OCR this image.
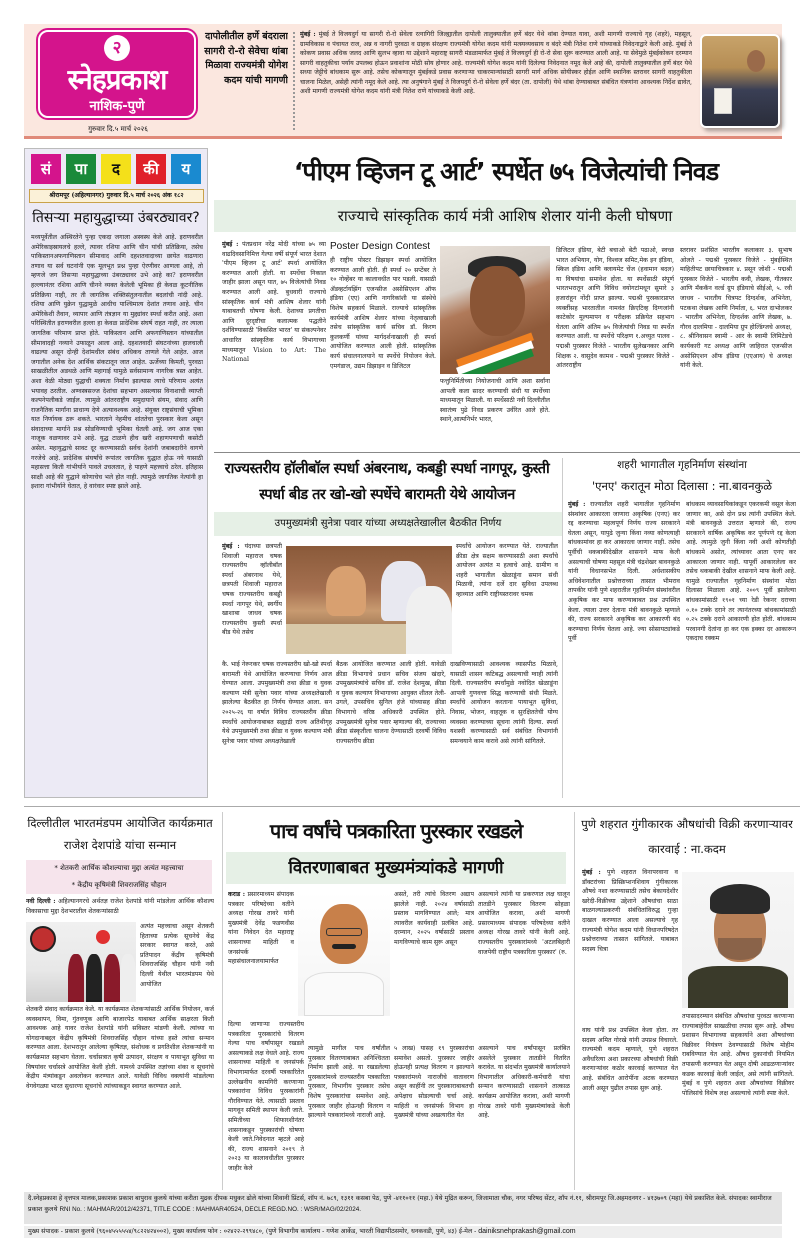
२
स्नेहप्रकाश
नाशिक-पुणे
गुरुवार दि.५ मार्च २०२६
दापोलीतील हर्णे बंदराला सागरी रो-रो सेवेचा थांबा मिळावा राज्यमंत्री योगेश कदम यांची मागणी
मुंबई : मुंबई ते विजयदुर्ग या सागरी रो-रो सेवेला रत्नागिरी जिल्ह्यातील दापोली तालुक्यातील हर्णे बंदर येथे थांबा देण्यात यावा, अशी मागणी राज्याचे गृह (शहरे), महसूल, ग्रामविकास व पंचायत राज, अन्न व नागरी पुरवठा व ग्राहक संरक्षण राज्यमंत्री योगेश कदम यांनी मत्स्यव्यवसाय व बंदरे मंत्री नितेश राणे यांच्याकडे निवेदनाद्वारे केली आहे. मुंबई ते कोकण प्रवास अधिक जलद आणि सुलभ व्हावा या उद्देशाने महाराष्ट्र सागरी मंडळामार्फत मुंबई ते विजयदुर्ग ही रो-रो सेवा सुरू करण्यात आली आहे. या सेवेमुळे मुंबईकोकन दरम्यान सागरी वाहतुकीचा पर्याय उपलब्ध होऊन प्रवाशांना मोठी सोय होणार आहे. राज्यमंत्री योगेश कदम यांनी दिलेल्या निवेदनात नमूद केले आहे की, दापोली तालुक्यातील हर्णे बंदर येथे सध्या जेट्टीचे बांधकाम सुरू आहे. तसेच कोकणातून मुंबईकडे प्रवास करणाऱ्या चाकरमान्यांसाठी सागरी मार्ग अधिक सोयीस्कर होईल आणि स्थानिक स्तरावर सागरी वाहतुकीला चालना मिळेल, असेही त्यांनी नमूद केले आहे. त्या अनुषंगाने मुंबई ते विजयदुर्ग रो-रो सेवेला हर्णे बंदर (ता. दापोली) येथे थांबा देण्याबाबत संबंधित यंत्रणांना आवश्यक निर्देश द्यावेत, अशी मागणी राज्यमंत्री योगेश कदम यांनी मंत्री नितेश राणे यांच्याकडे केली आहे.
सं	पा	द	की	य
श्रीरामपूर (अहिल्यानगर) गुरुवार दि.५ मार्च २०२६ अंक १८२
तिसऱ्या महायुद्धाच्या उंबरठ्यावर?
मध्यपूर्वेतील अस्थिरतेने पुन्हा एकदा जगाला अस्वस्थ केले आहे. इराणवरील अमेरिकाइस्रायलचे हल्ले, त्यावर रशिया आणि चीन यांची प्रतिक्रिया, तसेच पाकिस्तानअफगाणिस्तान सीमावाद आणि दहशतवादाच्या छायेत वाढणारा तणाव या सर्व घटनांनी एक मूलभूत प्रश्न पुन्हा ऐरणीवर आणला आहे, तो म्हणजे जग तिसऱ्या महायुद्धाच्या उंबरठ्यावर उभे आहे का? इराणवरील हल्ल्यानंतर रशिया आणि चीनने व्यक्त केलेली भूमिका ही केवळ कूटनीतिक प्रतिक्रिया नाही, तर ती जागतिक शक्तिसंतुलनातील बदलांची नांदी आहे. रशिया आणि युक्रेन युद्धामुळे आधीच पाश्चिमात्य देशांत तणाव आहे. चीन अमेरिकेशी तैवान, व्यापार आणि तंत्रज्ञान या मुद्द्यांवर स्पर्धा करीत आहे. अशा परिस्थितीत इराणवरील हल्ला हा केवळ प्रादेशिक संघर्ष राहत नाही, तर त्याला जागतिक परिमाण प्राप्त होते. पाकिस्तान आणि अफगाणिस्तान यांच्यातील सीमावादही नव्याने उफाळून आला आहे. दहशतवादी संघटनांच्या हालचाली वाढल्या असून दोन्ही देशांमधील संबंध अधिकच ताणले गेले आहेत. आज जगातील अनेक देश आर्थिक संकटातून जात आहेत. ऊर्जेच्या किमती, पुरवठा साखळीतील अडथळे आणि महागाई यामुळे सर्वसामान्य नागरिक त्रस्त आहेत. अशा वेळी मोठ्या युद्धाची शक्यता निर्माण झाल्यास त्याचे परिणाम अत्यंत भयावह ठरतील. अण्वस्त्रसज्ज देशांचा सहभाग असल्यास विनाशाची व्याप्ती कल्पनेपलीकडे जाईल. त्यामुळे आंतरराष्ट्रीय समुदायाने संयम, संवाद आणि राजनैतिक मार्गांना प्राधान्य देणे अत्यावश्यक आहे. संयुक्त राष्ट्रसंघाची भूमिका यात निर्णायक ठरू शकते. भारताने नेहमीच शांततेचा पुरस्कार केला असून संवादाच्या मार्गाने प्रश्न सोडविण्याची भूमिका घेतली आहे. जग आज एका नाजूक वळणावर उभे आहे. युद्ध टाळणे हीच खरी शहाणपणाची कसोटी असेल. महायुद्धाचे सावट दूर करण्यासाठी सर्वच देशांनी जबाबदारीने वागणे गरजेचे आहे. प्रादेशिक संघर्षांचे रूपांतर जागतिक युद्धात होऊ नये यासाठी महासत्ता किती गांभीर्याने पावले उचलतात, हे पाहणे महत्त्वाचे ठरेल. इतिहास साक्षी आहे की युद्धाने कोणाचेच भले होत नाही. त्यामुळे जागतिक नेत्यांनी हा इशारा गांभीर्याने घेतात, हे वारंवार स्पष्ट झाले आहे.
‘पीएम व्हिजन टू आर्ट’ स्पर्धेत ७५ विजेत्यांची निवड
राज्याचे सांस्कृतिक कार्य मंत्री आशिष शेलार यांनी केली घोषणा
मुंबई : पंतप्रधान नरेंद्र मोदी यांच्या ७५ व्या वाढदिवसानिमित्त गेल्या वर्षी संपूर्ण भारत देशात 'पीएम व्हिजन टू आर्ट' स्पर्धा आयोजित करण्यात आली होती. या स्पर्धेचा निकाल जाहीर झाला असून यात, ७५ विजेत्यांची निवड करण्यात आली आहे. बुधवारी राज्याचे सांस्कृतिक कार्य मंत्री आशिष शेलार यांनी याबाबतची घोषणा केली. देशाच्या प्रगतीचा आणि दूरदृष्टीचा कलात्मक पद्धतीने दर्शविण्यासाठी 'विकसित भारत' या संकल्पनेवर आधारित सांस्कृतिक कार्य विभागाच्या माध्यमातून Vision to Art: The National
Poster Design Contest
ही राष्ट्रीय पोस्टर डिझाइन स्पर्धा आयोजित करण्यात आली होती. ही स्पर्धा २० सप्टेंबर ते १० नोव्हेंबर या कालावधीत पार पडली. यासाठी ॲडव्हर्टायझिंग एजन्सीज असोसिएशन ऑफ इंडिया (एए) आणि नागरिकांशी या संस्थेचे विशेष सहकार्य मिळाले. राज्याचे सांस्कृतिक कार्यमंत्री आशिष शेलार यांच्या नेतृत्वाखाली तसेच सांस्कृतिक कार्य सचिव डॉ. किरण कुलकर्णी यांच्या मार्गदर्शनाखाली ही स्पर्धा आयोजित करण्यात आली होती. सांस्कृतिक कार्य संचालनालयाने या स्पर्धेचे नियोजन केले. एमगंडाज, उद्यम डिझाइन व डिजिटल
फत्तुनिर्मितीच्या नियोजनाची आणि अशा सर्वांना आपली कला सादर करण्याची संधी या स्पर्धेच्या माध्यमातून मिळाली. या स्पर्धेसाठी नवी दिल्लीतील स्वातंत्र्य पुढे निवड प्रकरण उर्वरित आले होते. स्थाने,आत्मनिर्भर भारत,
डिजिटल इंडिया, बेटी बचाओ बेटी पढाओ, स्वच्छ भारत अभियान, योग, विश्वज समिट,मेक इन इंडिया, स्किल इंडिया आणि क्लायमेट चेंज (हवामान बदल) या विषयांचा समावेश होता. या स्पर्धेसाठी संपूर्ण भारतभरातून आणि विविध वयोगटांमधून सुमारे ३ हजारांहून नोंदी प्राप्त झाल्या. पद्मश्री पुरस्कारप्राप्त व्यक्तींसह भारतातील नामवंत क्रिएटिव्ह दिग्गजांनी काटेकोर मूल्यमापन व परीक्षक प्रक्रियेत सहभाग घेतला आणि अंतिम ७५ विजेत्यांची निवड या स्पर्धेत करण्यात आली. या स्पर्धेचे परिक्षण १.अच्युत पालव - पद्मश्री पुरस्कार विजेते - भारतीय सुलेखनकार आणि शिक्षक २. वासुदेव कामथ - पद्मश्री पुरस्कार विजेते - आंतरराष्ट्रीय
स्तरावर प्रशंसित भारतीय कलाकार ३. सुभाष ओलते - पद्मश्री पुरस्कार विजेते - मुंबईस्थित माहितीपट छायाचित्रकार ४. प्रसून जोशी - पद्मश्री पुरस्कार विजेते - भारतीय कवी, लेखक, गीतकार आणि मॅककॅन वर्ल्ड ग्रुप इंडियाचे सीईओ, ५. रवी जाधव - भारतीय चित्रपट दिग्दर्शक, अभिनेता, पटकथा लेखक आणि निर्माता, ६. भरत दाभोलकर - भारतीय अभिनेता, दिग्दर्शक आणि लेखक, ७. गौरव दालमिया - दालमिया ग्रुप होल्डिंग्जचे अध्यक्ष, ८. श्रीनिवासन स्वामी - आर के स्वामी लिमिटेडचे कार्यकारी गट अध्यक्ष आणि जाहिरात एजन्सीज असोसिएशन ऑफ इंडिया (एएआय) चे अध्यक्ष यांनी केले.
राज्यस्तरीय हॉलीबॉल स्पर्धा अंबरनाथ, कबड्डी स्पर्धा नागपूर, कुस्ती स्पर्धा बीड तर खो-खो स्पर्धेचे बारामती येथे आयोजन
उपमुख्यमंत्री सुनेत्रा पवार यांच्या अध्यक्षतेखालील बैठकीत निर्णय
मुंबई : यंदाच्या छत्रपती शिवाजी महाराज चषक राज्यस्तरीय व्हॉलीबॉल स्पर्धा अंबरनाथ येथे, छत्रपती शिवाजी महाराज चषक राज्यस्तरीय कबड्डी स्पर्धा नागपूर येथे, स्वर्गीय खाशाबा जाधव चषक राज्यस्तरीय कुस्ती स्पर्धा बीड येथे तसेच
स्पर्धांचे आयोजन करण्यात येते. राज्यातील क्रीडा क्षेत्र सक्षम करण्यासाठी अशा स्पर्धांचे आयोजन अत्यंत म हत्वाचे आहे. ग्रामीण व शहरी भागातील खेळाडूंना समान संधी मिळावी, त्यांना दर्जे दार सुविधा उपलब्ध व्हाव्यात आणि राष्ट्रीयस्तरावर चमक
कै. भाई नेरूरकर चषक राज्यस्तरीय खो-खो स्पर्धा बारामती येथे आयोजित करण्याचा निर्णय आज घेण्यात आला. उपमुख्यमंत्री तथा क्रीडा व युवक कल्याण मंत्री सुनेत्रा पवार यांच्या अध्यक्षतेखाली झालेल्या बैठकीत हा निर्णय घेण्यात आला. सन २०२५-२६ या वर्षात विविध राज्यस्तरीय क्रीडा स्पर्धांचे आयोजनाबाबत सह्याद्री राज्य अतिथीगृह येथे उपमुख्यमंत्री तथा क्रीडा व युवक कल्याण मंत्री सुनेत्रा पवार यांच्या अध्यक्षतेखाली
बैठक आयोजित करण्यात आली होती. यावेळी क्रीडा विभागाचे प्रधान सचिव संजय खंदारे, उपमुख्यमंत्र्यांचे सचिव डॉ. राजेश देशमुख, क्रीडा व युवक कल्याण विभागाच्या आयुक्त शीतल तेली-उगले, उपसचिव सुनिल हंजे यांच्यासह क्रीडा विभागाचे वरिष्ठ अधिकारी उपस्थित होते. उपमुख्यमंत्री सुनेत्रा पवार म्हणाल्या की, राज्याच्या क्रीडा संस्कृतीला चालना देण्यासाठी दरवर्षी विविध राज्यस्तरीय क्रीडा
दाखविण्यासाठी आवश्यक व्यासपीठ मिळावे, यासाठी शासन कटिबद्ध असल्याची ग्वाही त्यांनी दिली. राज्यस्तरीय स्पर्धांमुळे नवोदित खेळाडूंना आपली गुणवत्ता सिद्ध करण्याची संधी मिळते. स्पर्धांचे आयोजन करताना पायाभूत सुविधा, निवास, भोजन, वाहतूक व सुरक्षिततेची योग्य व्यवस्था करण्याच्या सूचना त्यांनी दिल्या. स्पर्धा यशस्वी करण्यासाठी सर्व संबंधित विभागांनी समन्वयाने काम करावे असे त्यांनी सांगितले.
शहरी भागातील गृहनिर्माण संस्थांना
'एनए' करातून मोठा दिलासा : ना.बावनकुळे
मुंबई : राज्यातील शहरी भागातील गृहनिर्माण संस्थांवर आकारला जाणारा अकृषिक (एनए) कर रद्द करण्याचा महत्वपूर्ण निर्णय राज्य सरकारने घेतला असून, यापुढे जुन्या किंवा नव्या कोणत्याही बांधकामांवर हा कर आकारला जाणार नाही. तसेच पूर्वीची थकबाकीदेखील शासनाने माफ केली असल्याची घोषणा महसूल मंत्री चंद्रशेखर बावनकुळे यांनी विधानसभेत दिली. अर्धशासकीय अधिवेशनातील प्रश्नोत्तराच्या तासात भीमराव तापकीर यांनी पुणे शहरातील गृहनिर्माण संस्थांवरील अकृषिक कर माफ करण्याबाबत प्रश्न उपस्थित केला. त्याला उत्तर देताना मंत्री बावनकुळे म्हणाले की, राज्य सरकारने अकृषिक कर आकारणी बंद करण्याचा निर्णय घेतला आहे. ज्या सोसायट्यांकडे पूर्वी
बांधकाम व्यावसायिकांकडून एकरकमी वसूल केला जाणार का, असे दोन प्रश्न त्यांनी उपस्थित केले. मंत्री बावनकुळे उत्तरात म्हणाले की, राज्य सरकारने वार्षिक अकृषिक कर पूर्णपणे रद्द केला आहे. त्यामुळे जुनी किंवा नवी अशी कोणतीही बांधकामे असोत, त्यांच्यावर आता एनए कर आकारला जाणार नाही. यापूर्वी आकारलेला कर तसेच थकबाकी देखील शासनाने माफ केली आहे. यामुळे राज्यातील गृहनिर्माण संस्थांना मोठा दिलासा मिळाला आहे. २००९ पूर्वी झालेल्या बांधकामांसाठी १९०१ च्या रेडी रेकनर दराच्या ०.१० टक्के दराने तर त्यानंतरच्या बांधकामांसाठी ०.२५ टक्के दराने आकारणी होत होती. बांधकाम परवानगी देतांना हा कर एक इक्का दर आकारून एकदाच रक्कम
दिल्लीतील भारतमंडपम आयोजित कार्यक्रमात राजेश देशपांडे यांचा सन्मान
* शेतकरी आर्थिक कौशल्याचा मुद्दा अत्यंत महत्त्वाचा
* केंद्रीय कृषिमंत्री शिवराजसिंह चौहान
नवी दिल्ली : अहिल्यानगरचे अर्थतज्ञ राजेश देशपांडे यांनी मांडलेला आर्थिक कौशल्य विकासाचा मुद्दा देशभरातील शेतकऱ्यांसाठी
अत्यंत महत्त्वाचा असून शेतकरी हिताच्या प्रत्येक सूचनेचे केंद्र सरकार स्वागत करते, असे प्रतिपादन केंद्रीय कृषिमंत्री शिवराजसिंह चौहान यांनी नवी दिल्ली येथील भारतमंडपम येथे आयोजित
शेतकरी संवाद कार्यक्रमात केले. या कार्यक्रमात शेतकऱ्यांसाठी आर्थिक नियोजन, कर्ज व्यवस्थापन, विमा, गुंतवणूक आणि बाजारपेठ याबाबत आर्थिक साक्षरता किती आवश्यक आहे यावर राजेश देशपांडे यांनी सविस्तर मांडणी केली. त्यांच्या या योगदानाबद्दल केंद्रीय कृषिमंत्री शिवराजसिंह चौहान यांच्या हस्ते त्यांचा सन्मान करण्यात आला. देशभरातून आलेल्या कृषितज्ञ, संशोधक व प्रगतिशील शेतकऱ्यांनी या कार्यक्रमात सहभाग घेतला. चर्चासत्रात कृषी उत्पादन, संरक्षण व पायाभूत सुविधा या विषयांवर चर्चासत्रे आयोजित केली होती. यामध्ये उपस्थित तज्ञांच्या शंका व सूचनांचे केंद्रीय मंत्र्यांकडून अवलोकन करण्यात आले. यावेळी विविध वक्त्यांनी मांडलेल्या वेगवेगळ्या भारत सुधारणा सूचनांचे त्यांच्याकडून स्वागत करण्यात आले.
पाच वर्षांचे पत्रकारिता पुरस्कार रखडले
वितरणाबाबत मुख्यमंत्र्यांकडे मागणी
कराड : प्रसारमाध्यम संपादक पत्रकार परिषदेच्या वतीने अध्यक्ष गोरख तावरे यांनी मुख्यमंत्री देवेंद्र फडणवीस यांना निवेदन देत महाराष्ट्र शासनाच्या माहिती व जनसंपर्क महासंचालनालयामार्फत
असते, तरी त्यांचे वितरण अद्याप झालेले नाही. २०२४ वर्षासाठी प्रस्ताव मागविण्यात आले; मात्र त्यावरील कार्यवाही प्रलंबित आहे. दरम्यान, २०२५ वर्षासाठी प्रस्ताव मागविण्याचे काम सुरू असून
असल्याने त्यांनी या प्रकरणात लक्ष घालून तातडीने पुरस्कार वितरण सोहळा आयोजित करावा, अशी मागणी प्रसारमाध्यम संपादक परिषदेच्या वतीने अध्यक्ष गोरख तावरे यांनी केली आहे. राज्यस्तरीय पुरस्कारांमध्ये 'अटलबिहारी वाजपेयी राष्ट्रीय पत्रकारिता पुरस्कार' (रु.
दिल्या जाणाऱ्या राज्यस्तरीय पत्रकारिता पुरस्कारांचे वितरण गेल्या पाच वर्षांपासून रखडले असल्याकडे लक्ष वेधले आहे. राज्य शासनाच्या माहिती व जनसंपर्क विभागामार्फत दरवर्षी पत्रकारितेत उल्लेखनीय कामगिरी करणाऱ्या पत्रकारांना विविध पुरस्कारांनी गौरविण्यात येते. त्यासाठी प्रस्ताव मागवून समिती स्थापन केली जाते. समितीच्या शिफारशीनंतर शासनाकडून पुरस्कारांची घोषणा केली जाते.निवेदनात म्हटले आहे की, राज्य शासनाने २०१९ ते २०२३ या कालावधीतील पुरस्कार जाहीर केले
त्यामुळे मागील पाच वर्षांतील पुरस्कार वितरणाबाबत अनिश्चितता निर्माण झाली आहे. या रखडलेल्या पुरस्कारांमध्ये राज्यस्तरीय पत्रकारिता पुरस्कार, विभागीय पुरस्कार तसेच विशेष पुरस्कारांचा समावेश आहे. पुरस्कार जाहीर होऊनही वितरण न झाल्याने पत्रकारांमध्ये नाराजी आहे.
५ लाख) यासह १९ पुरस्कारांचा समावेश असतो. पुरस्कार जाहीर होऊनही प्रत्यक्ष वितरण न झाल्याने पत्रकारांमध्ये नाराजीचे वातावरण असून काहींनी तर पुरस्काराबाबतची अपेक्षाच सोडल्याची चर्चा आहे. माहिती व जनसंपर्क विभाग हा मुख्यमंत्री यांच्या अखत्यारीत येत
असल्याने पाच वर्षांपासून प्रलंबित असलेले पुरस्कार तातडीने वितरित करावेत. या संदर्भात मुख्यमंत्री कार्यालयाने विभागातील अधिकारी-कर्मचारी यांचा सन्मान करण्यासाठी शासनाने तात्काळ कार्यक्रम आयोजित करावा, अशी मागणी गोरख तावरे यांनी मुख्यमंत्र्यांकडे केली आहे.
पुणे शहरात गुंगीकारक औषधांची विक्री करणाऱ्यावर कारवाई : ना.कदम
मुंबई : पुणे शहरात विनापरवाना व डॉक्टरांच्या प्रिस्क्रिप्शनशिवाय गुंगीकारक औषधे नशा करण्यासाठी तसेच बेकायदेशीर खरेदी-विक्रीच्या उद्देशाने औषधांचा साठा बाळगल्याप्रकरणी संबंधितांविरुद्ध गुन्हा दाखल करण्यात आला असल्याचे गृह राज्यमंत्री योगेश कदम यांनी विधानपरिषदेत प्रश्नोत्तराच्या तासात सांगितले. याबाबत सदस्य चित्रा
वाघ यांनी प्रश्न उपस्थित केला होता. तर सदस्य अमित गोरखे यांनी उपप्रश्न विचारले. राज्यमंत्री कदम म्हणाले, पुणे शहरात अवैधरित्या अशा प्रकारच्या औषधांची विक्री करणाऱ्यांवर कठोर कारवाई करण्यात येत आहे. संबंधित आरोपींना अटक करण्यात आली असून पुढील तपास सुरू आहे.
तपासादरम्यान संबंधित औषधांचा पुरवठा करणाऱ्या राज्याबाहेरील साखळीचा तपास सुरू आहे. औषध प्रशासन विभागाच्या सहकार्याने अशा औषधांच्या विक्रीवर नियंत्रण ठेवण्यासाठी विशेष मोहीम राबविण्यात येत आहे. औषध दुकानांची नियमित तपासणी करण्यात येत असून दोषी आढळणाऱ्यांवर कडक कारवाई केली जाईल, असे त्यांनी सांगितले. मुंबई व पुणे शहरात अशा औषधांच्या विक्रीवर पोलिसांचे विशेष लक्ष असल्याचे त्यांनी स्पष्ट केले.
दै.स्नेहप्रकाश हे वृत्तपत्र मालक,प्रकाशक प्रकाश बापुराव कुलथे यांच्या करीता मुद्रक दीपक मधुकर ढोले यांच्या शिवानी प्रिंटर्स, शॉप नं. ७८९, १३११ कसबा पेठ, पुणे -४११०११ (महा.) येथे मुद्रित करून, जिजामाता चौक, नगर परिषद सेंटर, शॉप नं.११, श्रीरामपूर जि.अहमदनगर - ४१३७०९ (महा) येथे प्रकाशित केले. संपादकः स्वामीराज प्रकाश कुलथे RNI No. : MAHMAR/2012/42371, TITLE CODE : MAHMAR40524, DECLE REGD.NO. : WSR/MAG/02/2024.
मुख्य संपादक - प्रकाश कुलथे (९६०४५५५५५४/९८२२४२४००२), मुख्य कार्यालय फोन : ०२४२२-२९९४८०, (पुणे विभागीय कार्यालय - गणेश आर्केड, भारती विद्यापीठसमोर, धनकवडी, पुणे, ४३) ई-मेल - dainiksnehprakash@gmail.com
